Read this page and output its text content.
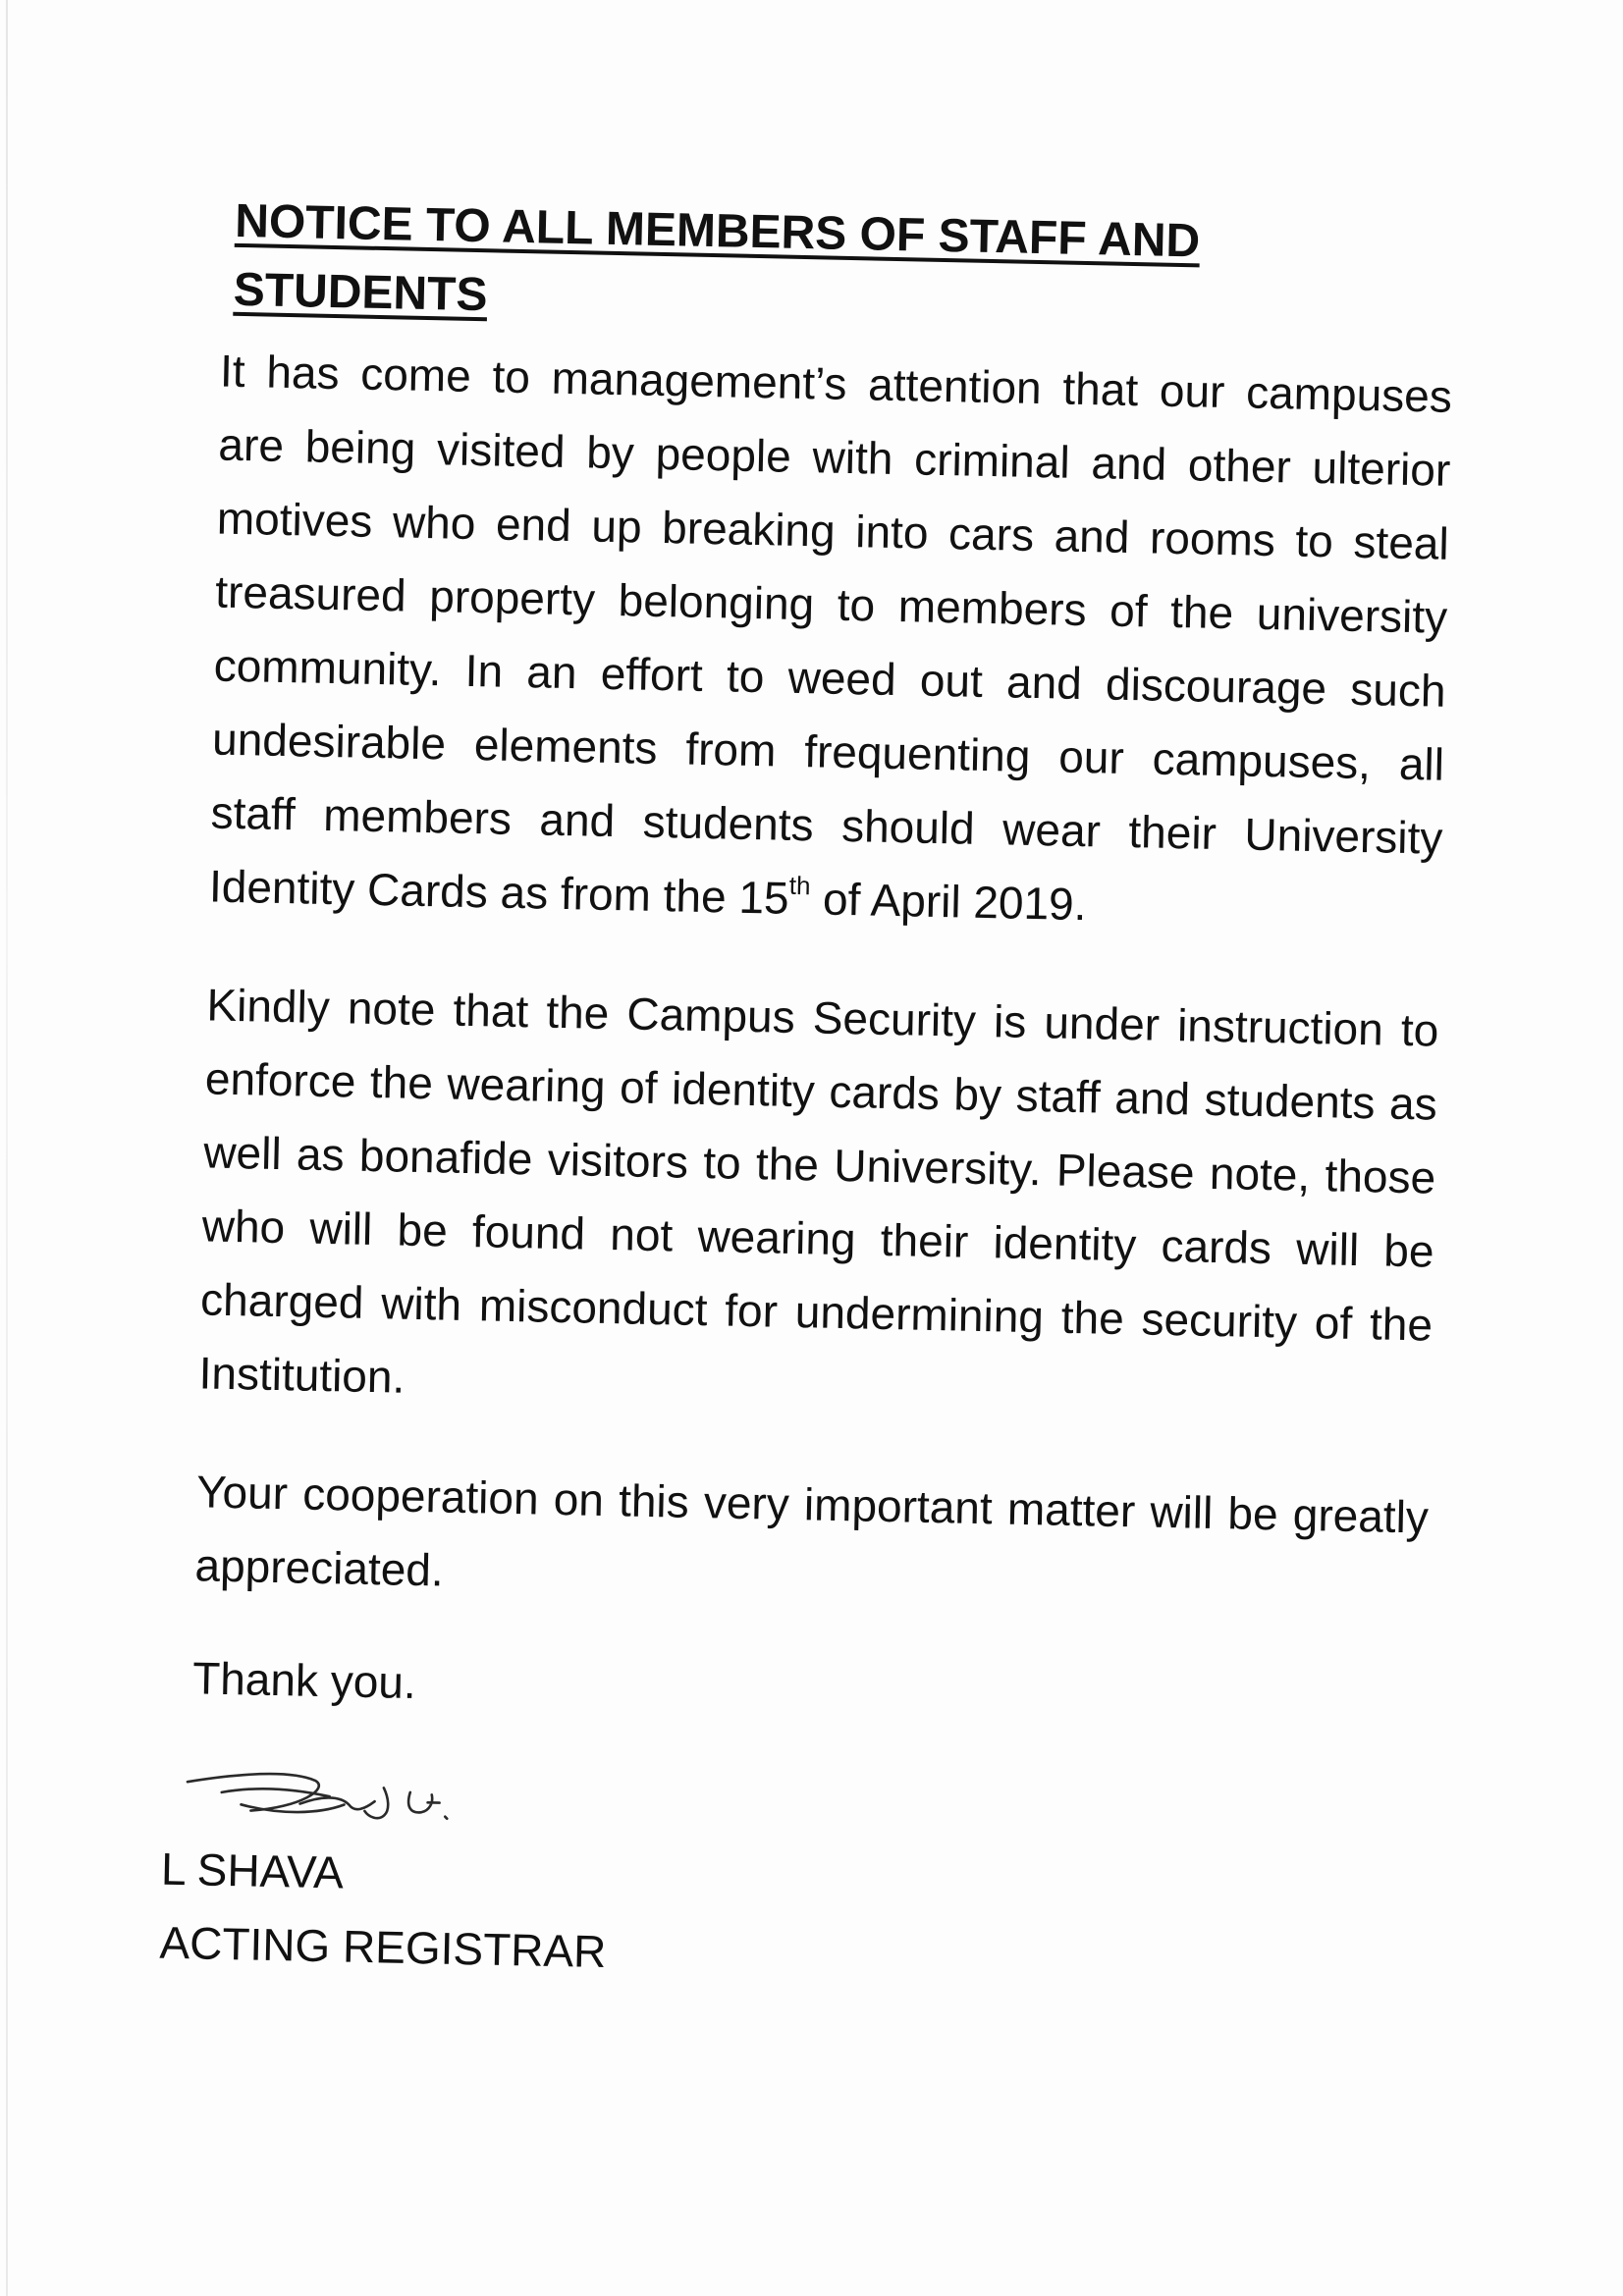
NOTICE TO ALL MEMBERS OF STAFF AND STUDENTS
It has come to management’s attention that our campuses are being visited by people with criminal and other ulterior motives who end up breaking into cars and rooms to steal treasured property belonging to members of the university community. In an effort to weed out and discourage such undesirable elements from frequenting our campuses, all staff members and students should wear their University Identity Cards as from the 15th of April 2019.
Kindly note that the Campus Security is under instruction to enforce the wearing of identity cards by staff and students as well as bonafide visitors to the University. Please note, those who will be found not wearing their identity cards will be charged with misconduct for undermining the security of the Institution.
Your cooperation on this very important matter will be greatly appreciated.
Thank you.
L SHAVA
ACTING REGISTRAR
